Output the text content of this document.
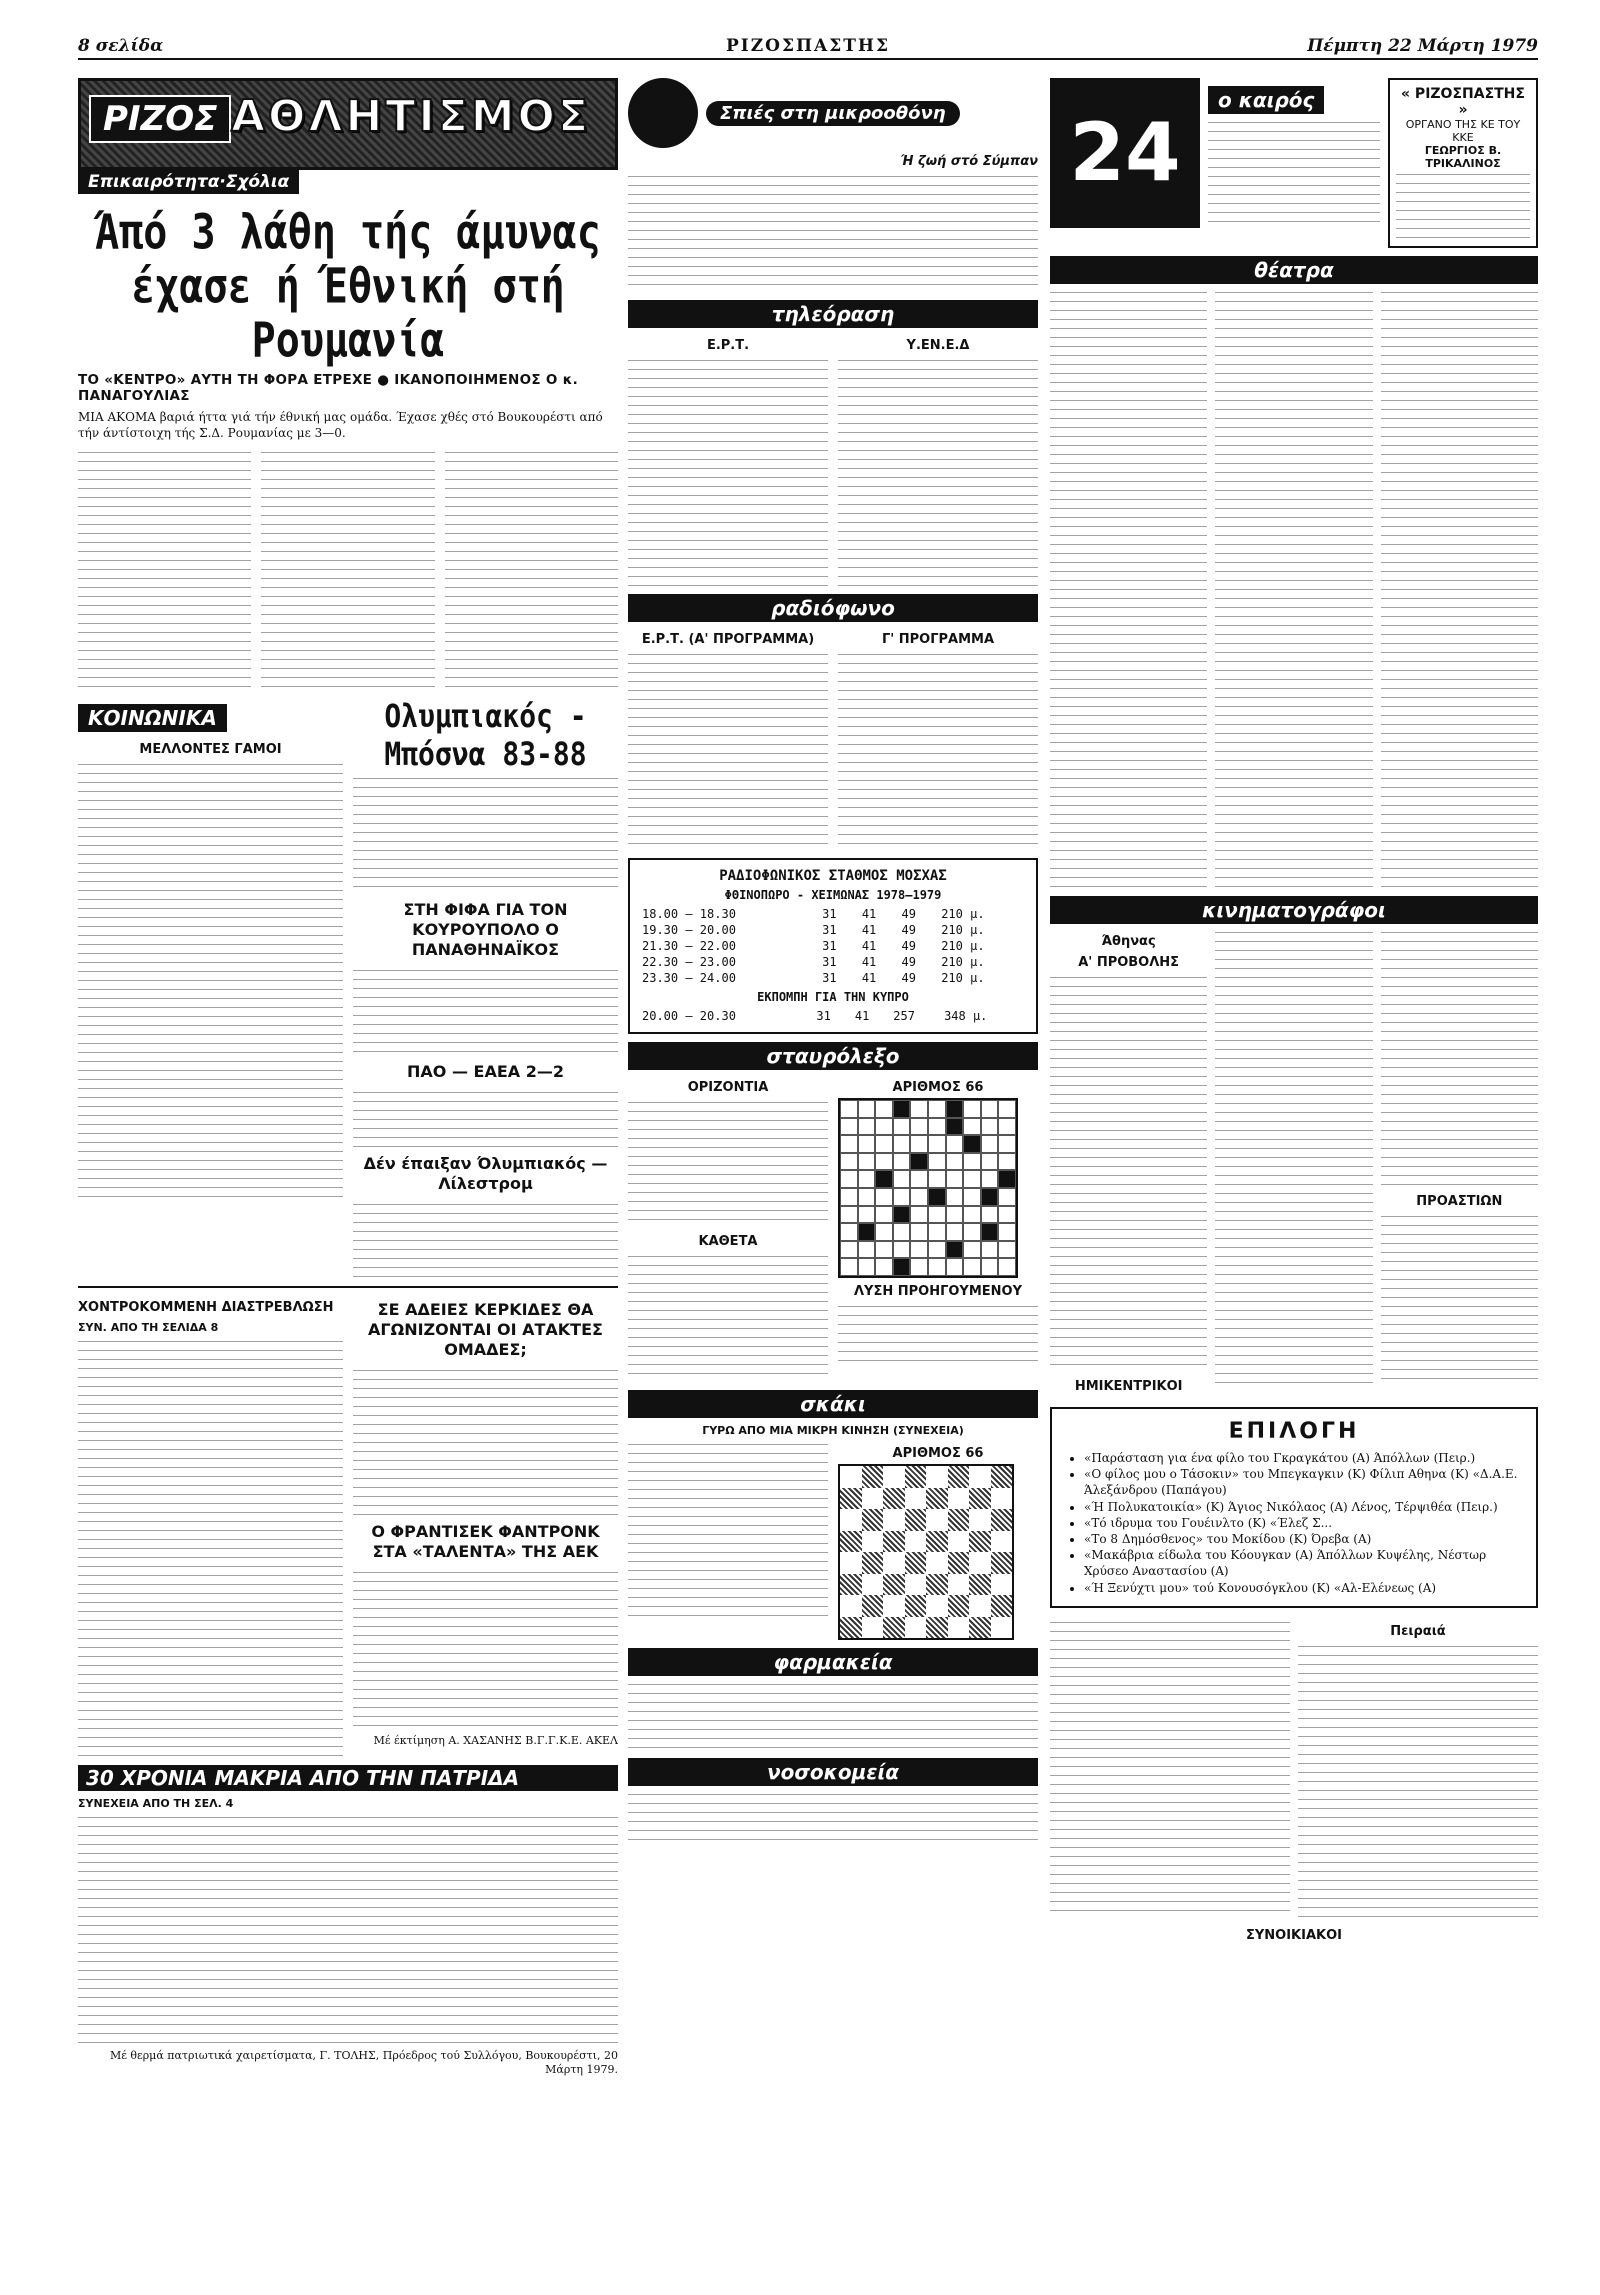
8 σελίδα	ΡΙΖΟΣΠΑΣΤΗΣ	Πέμπτη 22 Μάρτη 1979
ΡΙΖΟΣ ΑΘΛΗΤΙΣΜΟΣ
Επικαιρότητα·Σχόλια
Άπό 3 λάθη τής άμυνας έχασε ή Έθνική στή Ρουμανία
ΤΟ «ΚΕΝΤΡΟ» ΑΥΤΗ ΤΗ ΦΟΡΑ ΕΤΡΕΧΕ ● ΙΚΑΝΟΠΟΙΗΜΕΝΟΣ Ο κ. ΠΑΝΑΓΟΥΛΙΑΣ
ΜΙΑ ΑΚΟΜΑ βαριά ήττα γιά τήν έθνική μας ομάδα. Έχασε χθές στό Βουκουρέστι από τήν άντίστοιχη τής Σ.Δ. Ρουμανίας με 3—0.
ΚΟΙΝΩΝΙΚΑ
ΜΕΛΛΟΝΤΕΣ ΓΑΜΟΙ
Ολυμπιακός - Μπόσνα 83-88
ΣΤΗ ΦΙΦΑ ΓΙΑ ΤΟΝ ΚΟΥΡΟΥΠΟΛΟ Ο ΠΑΝΑΘΗΝΑΪΚΟΣ
ΠΑΟ — ΕΑΕΑ 2—2
Δέν έπαιξαν Όλυμπιακός — Λίλεστρομ
ΧΟΝΤΡΟΚΟΜΜΕΝΗ ΔΙΑΣΤΡΕΒΛΩΣΗ
ΣΥΝ. ΑΠΟ ΤΗ ΣΕΛΙΔΑ 8
ΣΕ ΑΔΕΙΕΣ ΚΕΡΚΙΔΕΣ ΘΑ ΑΓΩΝΙΖΟΝΤΑΙ ΟΙ ΑΤΑΚΤΕΣ ΟΜΑΔΕΣ;
Ο ΦΡΑΝΤΙΣΕΚ ΦΑΝΤΡΟΝΚ ΣΤΑ «ΤΑΛΕΝΤΑ» ΤΗΣ ΑΕΚ
Μέ έκτίμηση Α. ΧΑΣΑΝΗΣ Β.Γ.Γ.Κ.Ε. ΑΚΕΛ
30 ΧΡΟΝΙΑ ΜΑΚΡΙΑ ΑΠΟ ΤΗΝ ΠΑΤΡΙΔΑ
ΣΥΝΕΧΕΙΑ ΑΠΟ ΤΗ ΣΕΛ. 4
Μέ θερμά πατριωτικά χαιρετίσματα, Γ. ΤΟΛΗΣ, Πρόεδρος τού Συλλόγου, Βουκουρέστι, 20 Μάρτη 1979.
Σπιές στη μικροοθόνη
Ή ζωή στό Σύμπαν
τηλεόραση
Ε.Ρ.Τ.	Υ.ΕΝ.Ε.Δ
ραδιόφωνο
Ε.Ρ.Τ. (Α' ΠΡΟΓΡΑΜΜΑ)	Γ' ΠΡΟΓΡΑΜΜΑ
ΡΑΔΙΟΦΩΝΙΚΟΣ ΣΤΑΘΜΟΣ ΜΟΣΧΑΣ
ΦΘΙΝΟΠΩΡΟ - ΧΕΙΜΩΝΑΣ 1978—1979
18.00 — 18.30	31	41	49	210 μ.
19.30 — 20.00	31	41	49	210 μ.
21.30 — 22.00	31	41	49	210 μ.
22.30 — 23.00	31	41	49	210 μ.
23.30 — 24.00	31	41	49	210 μ.
ΕΚΠΟΜΠΗ ΓΙΑ ΤΗΝ ΚΥΠΡΟ
20.00 — 20.30	31	41	257	348 μ.
σταυρόλεξο
ΟΡΙΖΟΝΤΙΑ
ΚΑΘΕΤΑ
ΑΡΙΘΜΟΣ 66
ΛΥΣΗ ΠΡΟΗΓΟΥΜΕΝΟΥ
σκάκι
ΓΥΡΩ ΑΠΟ ΜΙΑ ΜΙΚΡΗ ΚΙΝΗΣΗ (ΣΥΝΕΧΕΙΑ)
ΑΡΙΘΜΟΣ 66
φαρμακεία
νοσοκομεία
24
ο καιρός	« ΡΙΖΟΣΠΑΣΤΗΣ »
ΟΡΓΑΝΟ ΤΗΣ ΚΕ ΤΟΥ ΚΚΕ
ΓΕΩΡΓΙΟΣ Β. ΤΡΙΚΑΛΙΝΟΣ
θέατρα
κινηματογράφοι
Άθηνας
Α' ΠΡΟΒΟΛΗΣ
ΗΜΙΚΕΝΤΡΙΚΟΙ
ΠΡΟΑΣΤΙΩΝ
ΕΠΙΛΟΓΗ
• «Παράσταση για ένα φίλο του Γκραγκάτου (Α) Άπόλλων (Πειρ.)
• «Ο φίλος μου ο Τάσοκιν» του Μπεγκαγκιν (Κ) Φίλιπ Αθηνα (Κ) «Δ.Α.Ε. Άλεξάνδρου (Παπάγου)
• «Ή Πολυκατοικία» (Κ) Άγιος Νικόλαος (Α) Λένος, Τέρψιθέα (Πειρ.)
• «Τό ιδρυμα του Γουέινλτο (Κ) «Έλεζ Σ...
• «Το 8 Δημόσθενος» του Μοκίδου (Κ) Όρεβα (Α)
• «Μακάβρια είδωλα του Κόουγκαν (Α) Άπόλλων Κυψέλης, Νέστωρ Χρύσεο Αναστασίου (Α)
• «Ή Ξενύχτι μου» τού Κονουσόγκλου (Κ) «Αλ-Ελένεως (Α)
Πειραιά
ΣΥΝΟΙΚΙΑΚΟΙ
